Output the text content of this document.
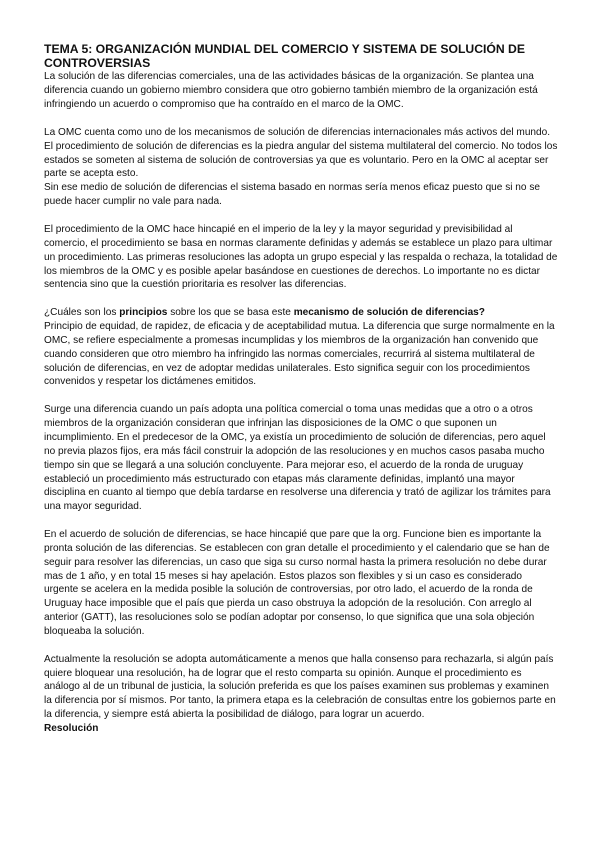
TEMA 5: ORGANIZACIÓN MUNDIAL DEL COMERCIO Y SISTEMA DE SOLUCIÓN DE CONTROVERSIAS

La solución de las diferencias comerciales, una de las actividades básicas de la organización. Se plantea una diferencia cuando un gobierno miembro considera que otro gobierno también miembro de la organización está infringiendo un acuerdo o compromiso que ha contraído en el marco de la OMC.

La OMC cuenta como uno de los mecanismos de solución de diferencias internacionales más activos del mundo. El procedimiento de solución de diferencias es la piedra angular del sistema multilateral del comercio. No todos los estados se someten al sistema de solución de controversias ya que es voluntario. Pero en la OMC al aceptar ser parte se acepta esto.

Sin ese medio de solución de diferencias el sistema basado en normas sería menos eficaz puesto que si no se puede hacer cumplir no vale para nada.

El procedimiento de la OMC hace hincapié en el imperio de la ley y la mayor seguridad y previsibilidad al comercio, el procedimiento se basa en normas claramente definidas y además se establece un plazo para ultimar un procedimiento. Las primeras resoluciones las adopta un grupo especial y las respalda o rechaza, la totalidad de los miembros de la OMC y es posible apelar basándose en cuestiones de derechos. Lo importante no es dictar sentencia sino que la cuestión prioritaria es resolver las diferencias.

¿Cuáles son los principios sobre los que se basa este mecanismo de solución de diferencias?

Principio de equidad, de rapidez, de eficacia y de aceptabilidad mutua. La diferencia que surge normalmente en la OMC, se refiere especialmente a promesas incumplidas y los miembros de la organización han convenido que cuando consideren que otro miembro ha infringido las normas comerciales, recurrirá al sistema multilateral de solución de diferencias, en vez de adoptar medidas unilaterales. Esto significa seguir con los procedimientos convenidos y respetar los dictámenes emitidos.

Surge una diferencia cuando un país adopta una política comercial o toma unas medidas que a otro o a otros miembros de la organización consideran que infrinjan las disposiciones de la OMC o que suponen un incumplimiento. En el predecesor de la OMC, ya existía un procedimiento de solución de diferencias, pero aquel no previa plazos fijos, era más fácil construir la adopción de las resoluciones y en muchos casos pasaba mucho tiempo sin que se llegará a una solución concluyente. Para mejorar eso, el acuerdo de la ronda de uruguay estableció un procedimiento más estructurado con etapas más claramente definidas, implantó una mayor disciplina en cuanto al tiempo que debía tardarse en resolverse una diferencia y trató de agilizar los trámites para una mayor seguridad.

En el acuerdo de solución de diferencias, se hace hincapié que pare que la org. Funcione bien es importante la pronta solución de las diferencias. Se establecen con gran detalle el procedimiento y el calendario que se han de seguir para resolver las diferencias, un caso que siga su curso normal hasta la primera resolución no debe durar mas de 1 año, y en total 15 meses si hay apelación. Estos plazos son flexibles y si un caso es considerado urgente se acelera en la medida posible la solución de controversias, por otro lado, el acuerdo de la ronda de Uruguay hace imposible que el país que pierda un caso obstruya la adopción de la resolución. Con arreglo al anterior (GATT), las resoluciones solo se podían adoptar por consenso, lo que significa que una sola objeción bloqueaba la solución.

Actualmente la resolución se adopta automáticamente a menos que halla consenso para rechazarla, si algún país quiere bloquear una resolución, ha de lograr que el resto comparta su opinión. Aunque el procedimiento es análogo al de un tribunal de justicia, la solución preferida es que los países examinen sus problemas y examinen la diferencia por sí mismos. Por tanto, la primera etapa es la celebración de consultas entre los gobiernos parte en la diferencia, y siempre está abierta la posibilidad de diálogo, para lograr un acuerdo.

Resolución
